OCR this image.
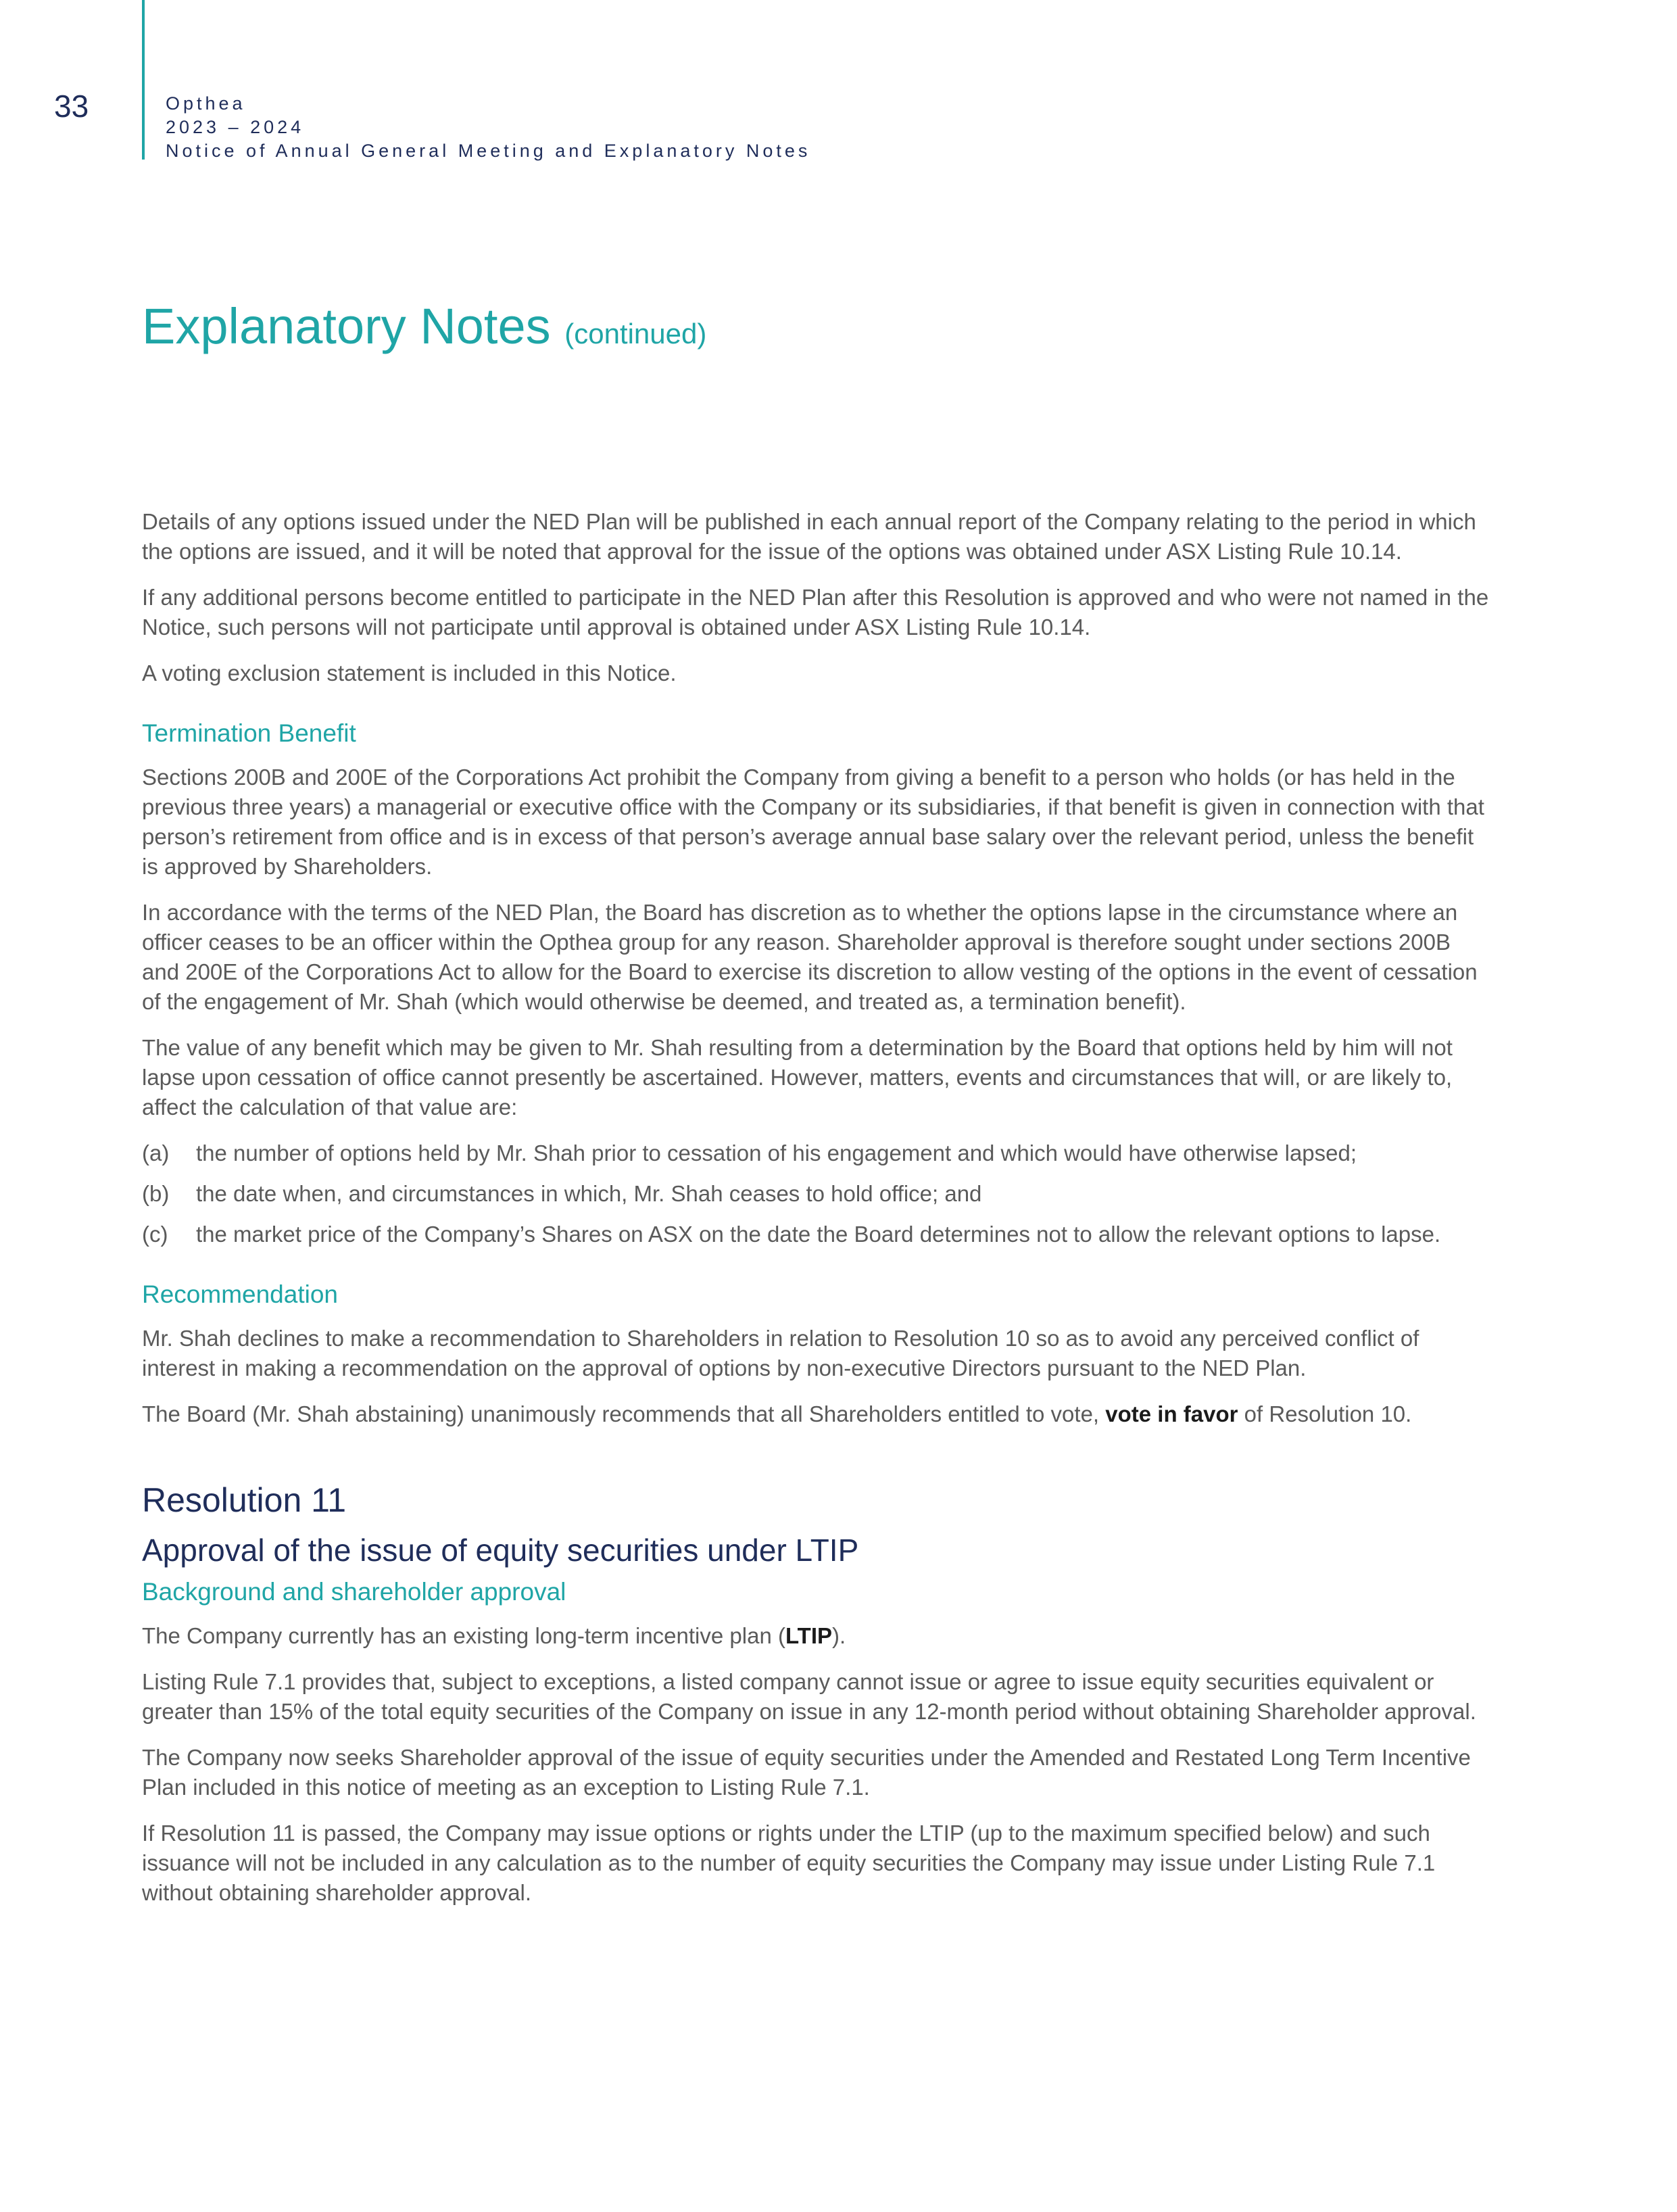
33	Opthea
2023 – 2024
Notice of Annual General Meeting and Explanatory Notes
Explanatory Notes (continued)

Details of any options issued under the NED Plan will be published in each annual report of the Company relating to the period in which the options are issued, and it will be noted that approval for the issue of the options was obtained under ASX Listing Rule 10.14.

If any additional persons become entitled to participate in the NED Plan after this Resolution is approved and who were not named in the Notice, such persons will not participate until approval is obtained under ASX Listing Rule 10.14.

A voting exclusion statement is included in this Notice.

Termination Benefit

Sections 200B and 200E of the Corporations Act prohibit the Company from giving a benefit to a person who holds (or has held in the previous three years) a managerial or executive office with the Company or its subsidiaries, if that benefit is given in connection with that person’s retirement from office and is in excess of that person’s average annual base salary over the relevant period, unless the benefit is approved by Shareholders.

In accordance with the terms of the NED Plan, the Board has discretion as to whether the options lapse in the circumstance where an officer ceases to be an officer within the Opthea group for any reason. Shareholder approval is therefore sought under sections 200B and 200E of the Corporations Act to allow for the Board to exercise its discretion to allow vesting of the options in the event of cessation of the engagement of Mr. Shah (which would otherwise be deemed, and treated as, a termination benefit).

The value of any benefit which may be given to Mr. Shah resulting from a determination by the Board that options held by him will not lapse upon cessation of office cannot presently be ascertained. However, matters, events and circumstances that will, or are likely to, affect the calculation of that value are:

(a)	the number of options held by Mr. Shah prior to cessation of his engagement and which would have otherwise lapsed;
(b)	the date when, and circumstances in which, Mr. Shah ceases to hold office; and
(c)	the market price of the Company’s Shares on ASX on the date the Board determines not to allow the relevant options to lapse.
Recommendation

Mr. Shah declines to make a recommendation to Shareholders in relation to Resolution 10 so as to avoid any perceived conflict of interest in making a recommendation on the approval of options by non-executive Directors pursuant to the NED Plan.

The Board (Mr. Shah abstaining) unanimously recommends that all Shareholders entitled to vote, vote in favor of Resolution 10.

Resolution 11
Approval of the issue of equity securities under LTIP
Background and shareholder approval

The Company currently has an existing long-term incentive plan (LTIP).

Listing Rule 7.1 provides that, subject to exceptions, a listed company cannot issue or agree to issue equity securities equivalent or greater than 15% of the total equity securities of the Company on issue in any 12-month period without obtaining Shareholder approval.

The Company now seeks Shareholder approval of the issue of equity securities under the Amended and Restated Long Term Incentive Plan included in this notice of meeting as an exception to Listing Rule 7.1.

If Resolution 11 is passed, the Company may issue options or rights under the LTIP (up to the maximum specified below) and such issuance will not be included in any calculation as to the number of equity securities the Company may issue under Listing Rule 7.1 without obtaining shareholder approval.
